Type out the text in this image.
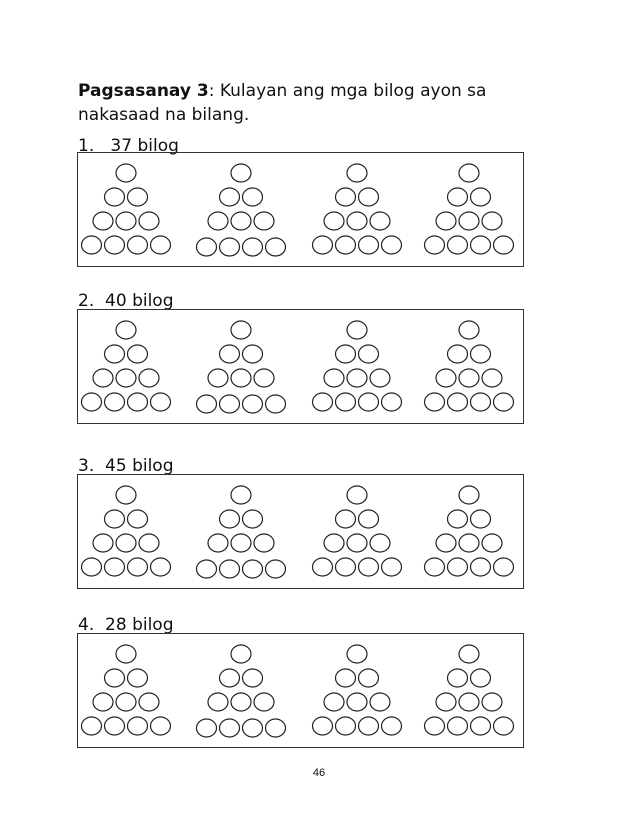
Pagsasanay 3: Kulayan ang mga bilog ayon sa nakasaad na bilang.
1.   37 bilog
2.  40 bilog
3.  45 bilog
4.  28 bilog
46
